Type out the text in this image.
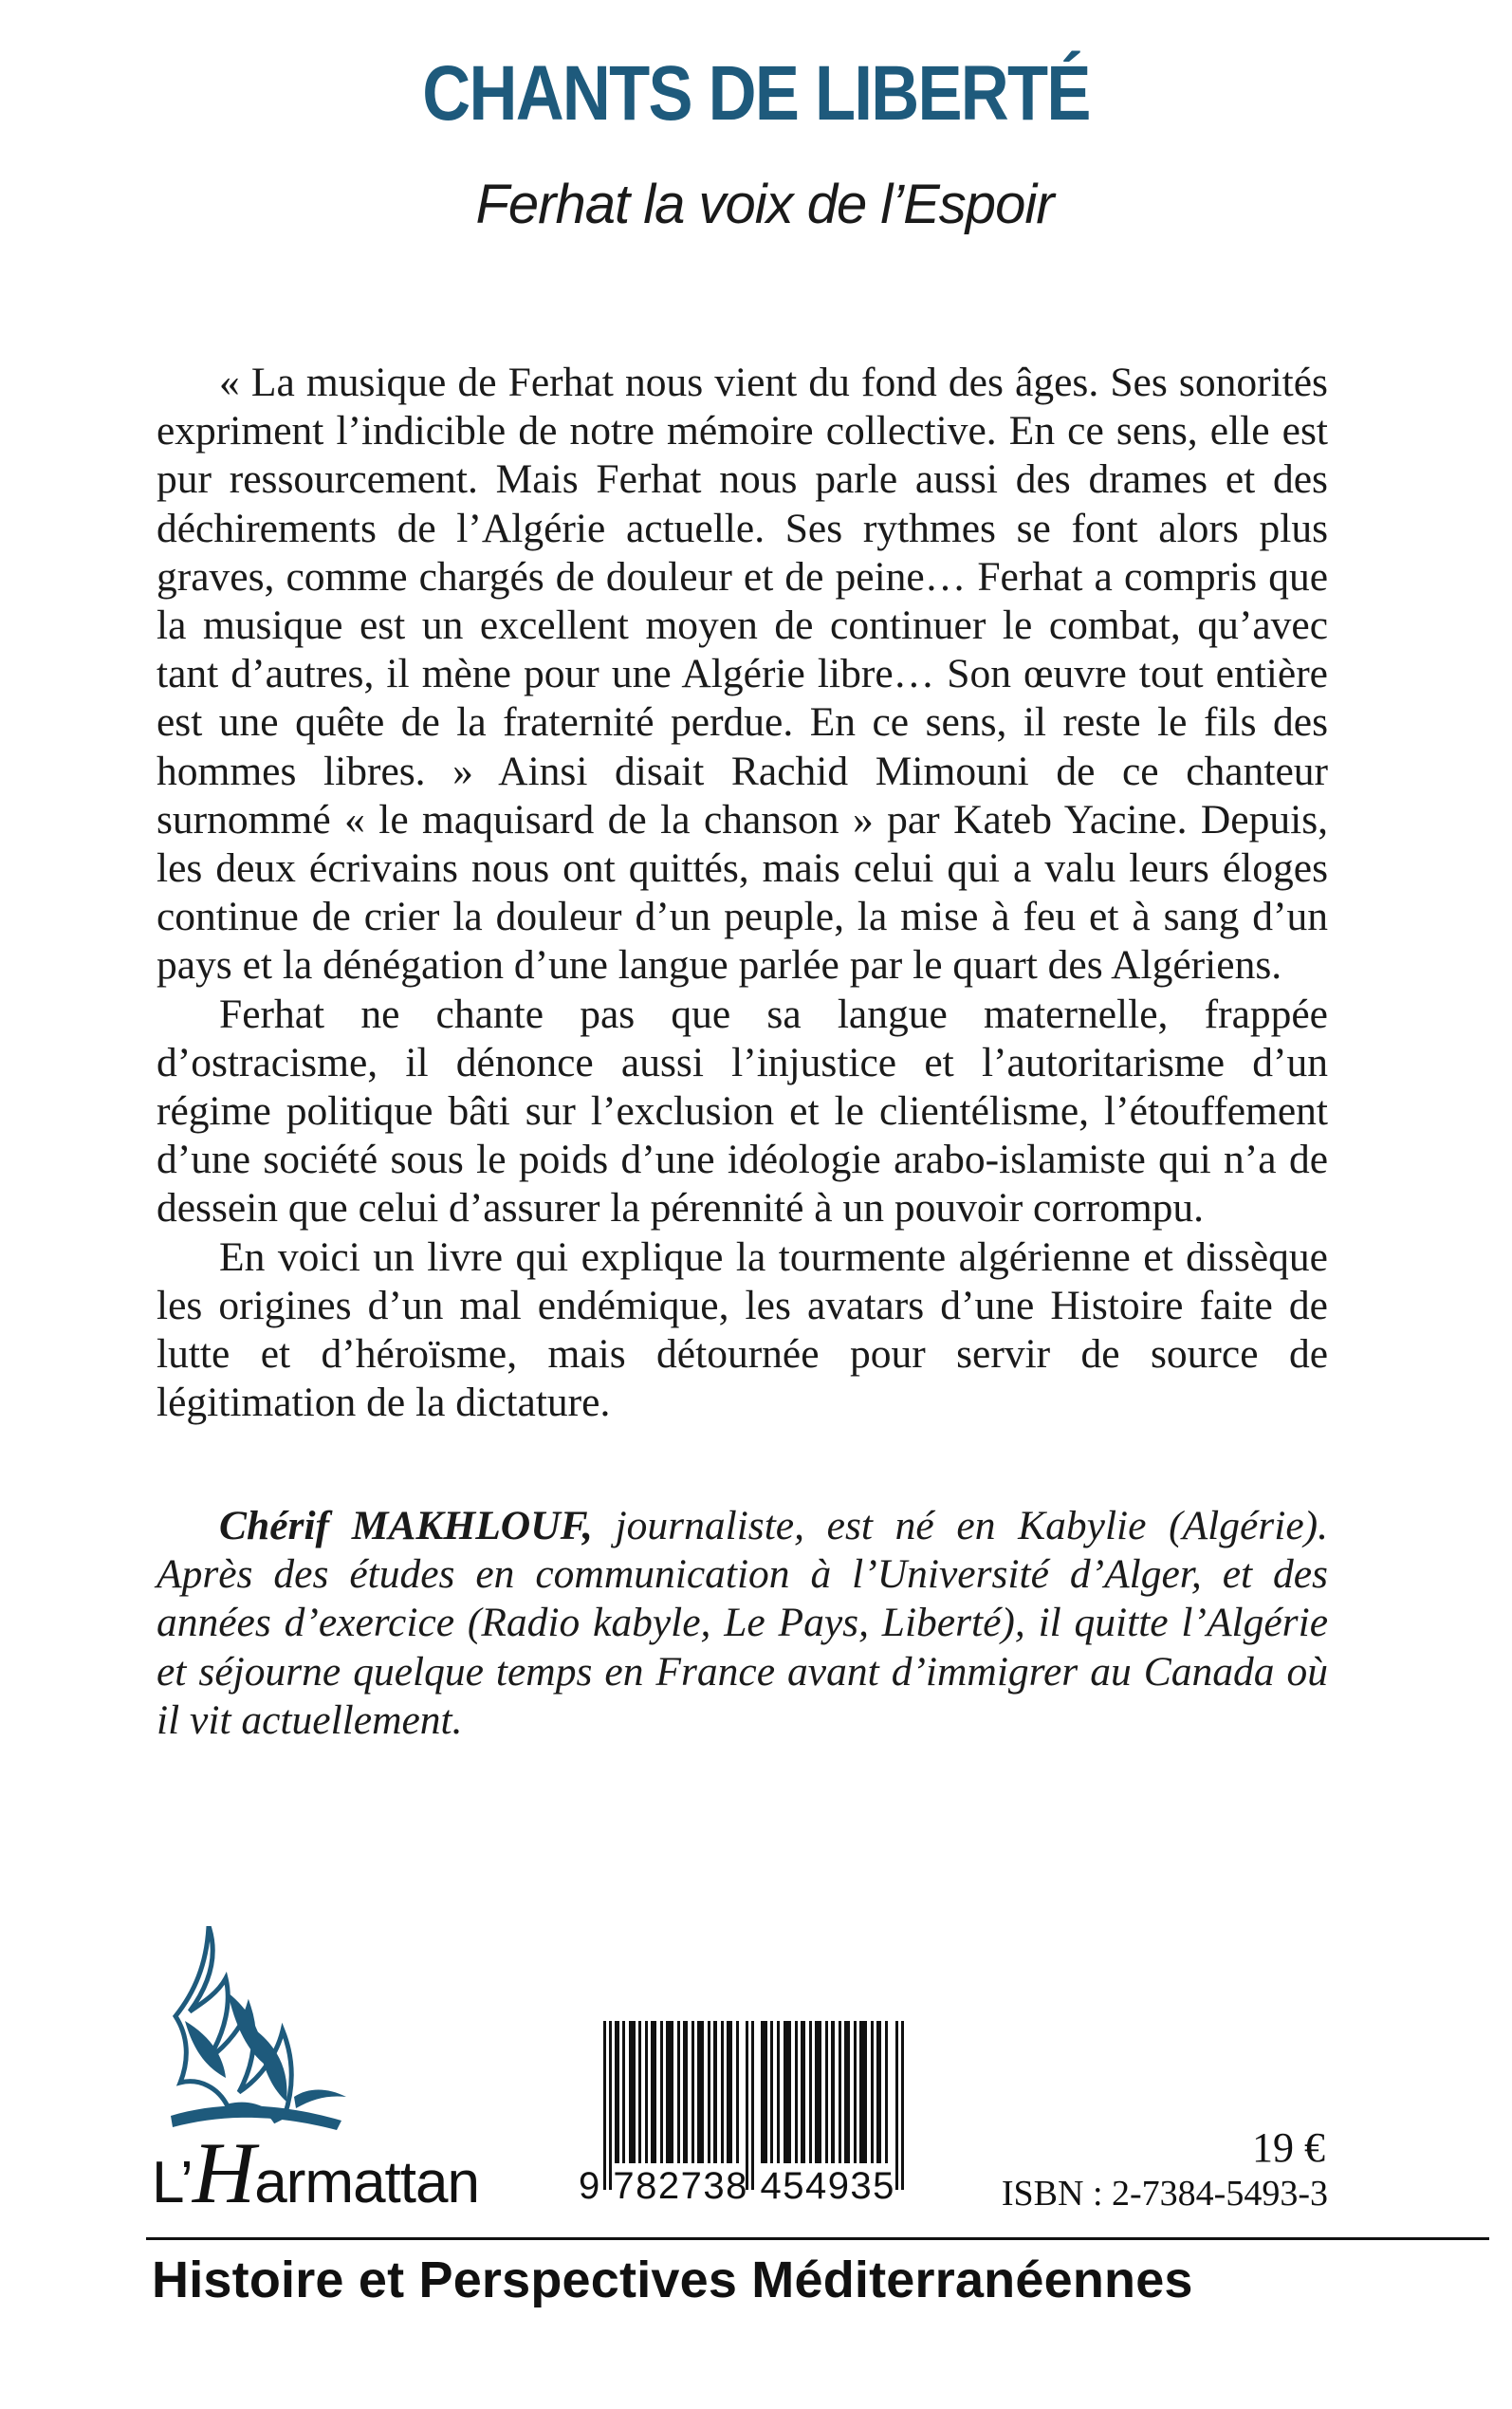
CHANTS DE LIBERTÉ
Ferhat la voix de l’Espoir

« La musique de Ferhat nous vient du fond des âges. Ses sonorités expriment l’indicible de notre mémoire collective. En ce sens, elle est pur ressourcement. Mais Ferhat nous parle aussi des drames et des déchirements de l’Algérie actuelle. Ses rythmes se font alors plus graves, comme chargés de douleur et de peine… Ferhat a compris que la musique est un excellent moyen de continuer le combat, qu’avec tant d’autres, il mène pour une Algérie libre… Son œuvre tout entière est une quête de la fraternité perdue. En ce sens, il reste le fils des hommes libres. » Ainsi disait Rachid Mimouni de ce chanteur surnommé « le maquisard de la chanson » par Kateb Yacine. Depuis, les deux écrivains nous ont quittés, mais celui qui a valu leurs éloges continue de crier la douleur d’un peuple, la mise à feu et à sang d’un pays et la dénégation d’une langue parlée par le quart des Algériens.

Ferhat ne chante pas que sa langue maternelle, frappée d’ostracisme, il dénonce aussi l’injustice et l’autoritarisme d’un régime politique bâti sur l’exclusion et le clientélisme, l’étouffement d’une société sous le poids d’une idéologie arabo-islamiste qui n’a de dessein que celui d’assurer la pérennité à un pouvoir corrompu.

En voici un livre qui explique la tourmente algérienne et dissèque les origines d’un mal endémique, les avatars d’une Histoire faite de lutte et d’héroïsme, mais détournée pour servir de source de légitimation de la dictature.

Chérif MAKHLOUF, journaliste, est né en Kabylie (Algérie). Après des études en communication à l’Université d’Alger, et des années d’exercice (Radio kabyle, Le Pays, Liberté), il quitte l’Algérie et séjourne quelque temps en France avant d’immigrer au Canada où il vit actuellement.

L’Harmattan	9 782738 454935
19 €
ISBN : 2-7384-5493-3
Histoire et Perspectives Méditerranéennes
